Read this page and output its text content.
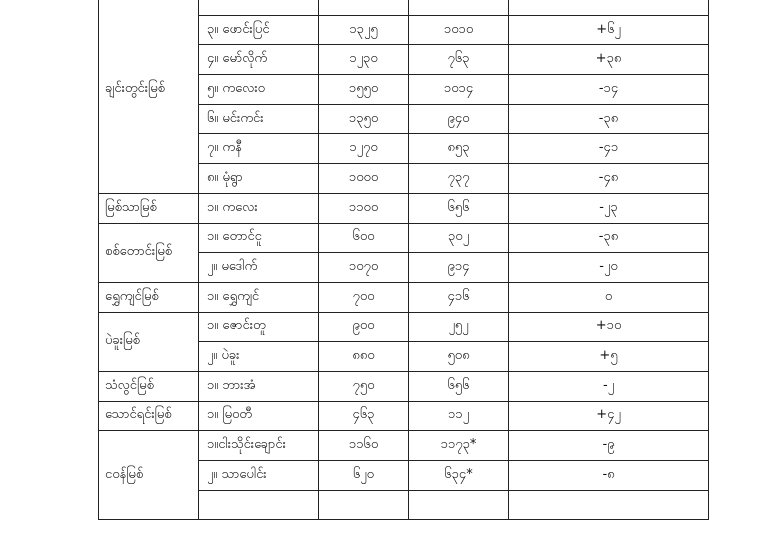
ချင်းတွင်းမြစ်				
	၃။ ဖောင်းပြင်	၁၃၂၅	၁၀၁၀	+၆၂
	၄။ မော်လိုက်	၁၂၃၀	၇၆၃	+၃၈
	၅။ ကလေးဝ	၁၅၅၀	၁၀၁၄	-၁၄
	၆။ မင်းကင်း	၁၃၅၀	၉၄၀	-၃၈
	၇။ ကနီ	၁၂၇၀	၈၅၃	-၄၁
	၈။ မုံရွာ	၁၀၀၀	၇၃၇	-၄၈
မြစ်သာမြစ်	၁။ ကလေး	၁၁၀၀	၆၅၆	-၂၃
စစ်တောင်းမြစ်	၁။ တောင်ငူ	၆၀၀	၃၀၂	-၃၈
	၂။ မဒေါက်	၁၀၇၀	၉၁၄	-၂၀
ရွှေကျင်မြစ်	၁။ ရွှေကျင်	၇၀၀	၄၁၆	၀
ပဲခူးမြစ်	၁။ ဇောင်းတူ	၉၀၀	၂၅၂	+၁၀
	၂။ ပဲခူး	၈၈၀	၅၀၈	+၅
သံလွင်မြစ်	၁။ ဘားအံ	၇၅၀	၆၅၆	-၂
သောင်ရင်းမြစ်	၁။ မြဝတီ	၄၆၃	၁၁၂	+၄၂
ငဝန်မြစ်	၁။ငါးသိုင်းချောင်း	၁၁၆၀	၁၁၇၃*	-၉
	၂။ သာပေါင်း	၆၂၀	၆၃၄*	-၈
